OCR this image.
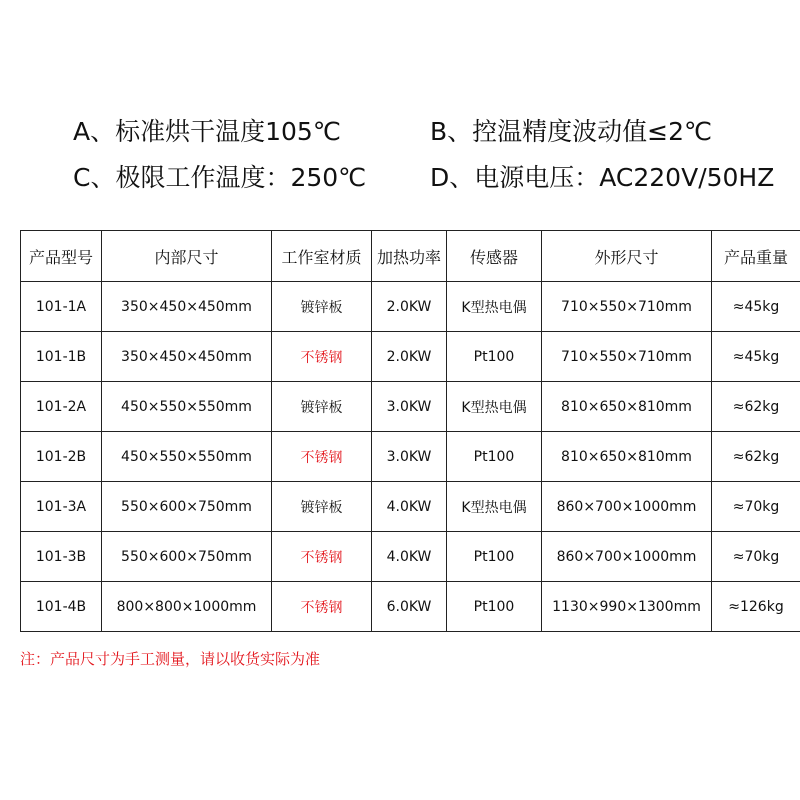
A、标准烘干温度105℃	B、控温精度波动值≤2℃
C、极限工作温度：250℃	D、电源电压：AC220V/50HZ
产品型号	内部尺寸	工作室材质	加热功率	传感器	外形尺寸	产品重量
101-1A	350×450×450mm	镀锌板	2.0KW	K型热电偶	710×550×710mm	≈45kg
101-1B	350×450×450mm	不锈钢	2.0KW	Pt100	710×550×710mm	≈45kg
101-2A	450×550×550mm	镀锌板	3.0KW	K型热电偶	810×650×810mm	≈62kg
101-2B	450×550×550mm	不锈钢	3.0KW	Pt100	810×650×810mm	≈62kg
101-3A	550×600×750mm	镀锌板	4.0KW	K型热电偶	860×700×1000mm	≈70kg
101-3B	550×600×750mm	不锈钢	4.0KW	Pt100	860×700×1000mm	≈70kg
101-4B	800×800×1000mm	不锈钢	6.0KW	Pt100	1130×990×1300mm	≈126kg
注：产品尺寸为手工测量，请以收货实际为准
